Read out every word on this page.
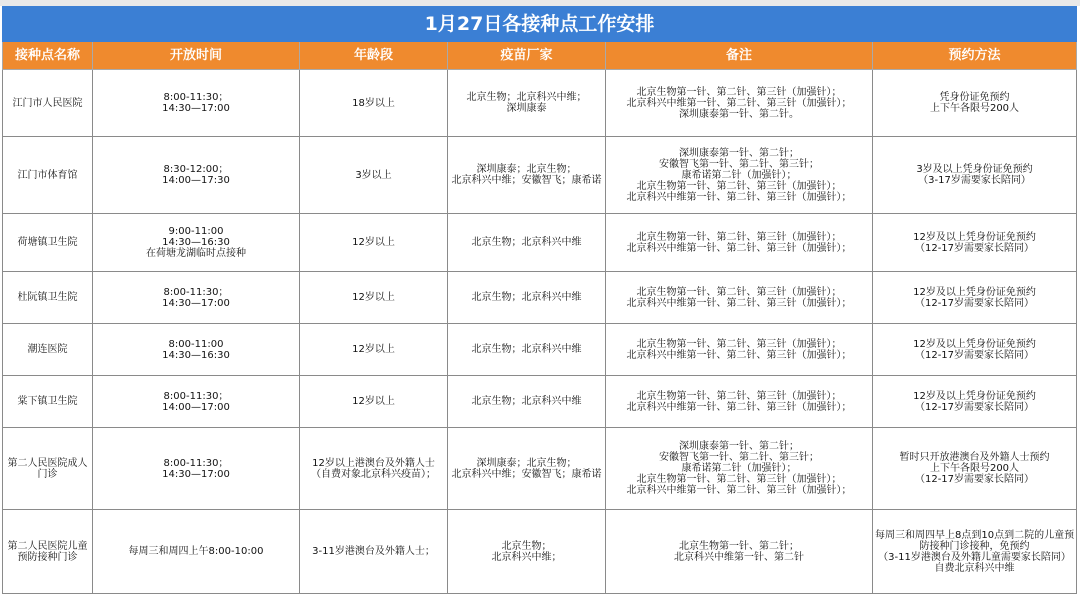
1月27日各接种点工作安排					
接种点名称	开放时间	年龄段	疫苗厂家	备注	预约方法

江门市人民医院	8:00-11:30；
14:30—17:00	18岁以上	北京生物；北京科兴中维；
深圳康泰	北京生物第一针、第二针、第三针（加强针）；
北京科兴中维第一针、第二针、第三针（加强针）；
深圳康泰第一针、第二针。	凭身份证免预约
上下午各限号200人

江门市体育馆	8:30-12:00；
14:00—17:30	3岁以上	深圳康泰；北京生物；
北京科兴中维；安徽智飞；康希诺	深圳康泰第一针、第二针；
安徽智飞第一针、第二针、第三针；
康希诺第二针（加强针）；
北京生物第一针、第二针、第三针（加强针）；
北京科兴中维第一针、第二针、第三针（加强针）；	3岁及以上凭身份证免预约
（3-17岁需要家长陪同）

荷塘镇卫生院	9:00-11:00
14:30—16:30
在荷塘龙湖临时点接种	12岁以上	北京生物；北京科兴中维	北京生物第一针、第二针、第三针（加强针）；
北京科兴中维第一针、第二针、第三针（加强针）；	12岁及以上凭身份证免预约
（12-17岁需要家长陪同）

杜阮镇卫生院	8:00-11:30；
14:30—17:00	12岁以上	北京生物；北京科兴中维	北京生物第一针、第二针、第三针（加强针）；
北京科兴中维第一针、第二针、第三针（加强针）；	12岁及以上凭身份证免预约
（12-17岁需要家长陪同）

潮连医院	8:00-11:00
14:30—16:30	12岁以上	北京生物；北京科兴中维	北京生物第一针、第二针、第三针（加强针）；
北京科兴中维第一针、第二针、第三针（加强针）；	12岁及以上凭身份证免预约
（12-17岁需要家长陪同）

棠下镇卫生院	8:00-11:30；
14:00—17:00	12岁以上	北京生物；北京科兴中维	北京生物第一针、第二针、第三针（加强针）；
北京科兴中维第一针、第二针、第三针（加强针）；	12岁及以上凭身份证免预约
（12-17岁需要家长陪同）

第二人民医院成人
门诊	8:00-11:30；
14:30—17:00	12岁以上港澳台及外籍人士
（自费对象北京科兴疫苗）；	深圳康泰；北京生物；
北京科兴中维；安徽智飞；康希诺	深圳康泰第一针、第二针；
安徽智飞第一针、第二针、第三针；
康希诺第二针（加强针）；
北京生物第一针、第二针、第三针（加强针）；
北京科兴中维第一针、第二针、第三针（加强针）；	暂时只开放港澳台及外籍人士预约
上下午各限号200人
（12-17岁需要家长陪同）

第二人民医院儿童
预防接种门诊	每周三和周四上午8:00-10:00	3-11岁港澳台及外籍人士；	北京生物；
北京科兴中维；	北京生物第一针、第二针；
北京科兴中维第一针、第二针	每周三和周四早上8点到10点到二院的儿童预
防接种门诊接种，免预约
（3-11岁港澳台及外籍儿童需要家长陪同）
自费北京科兴中维
